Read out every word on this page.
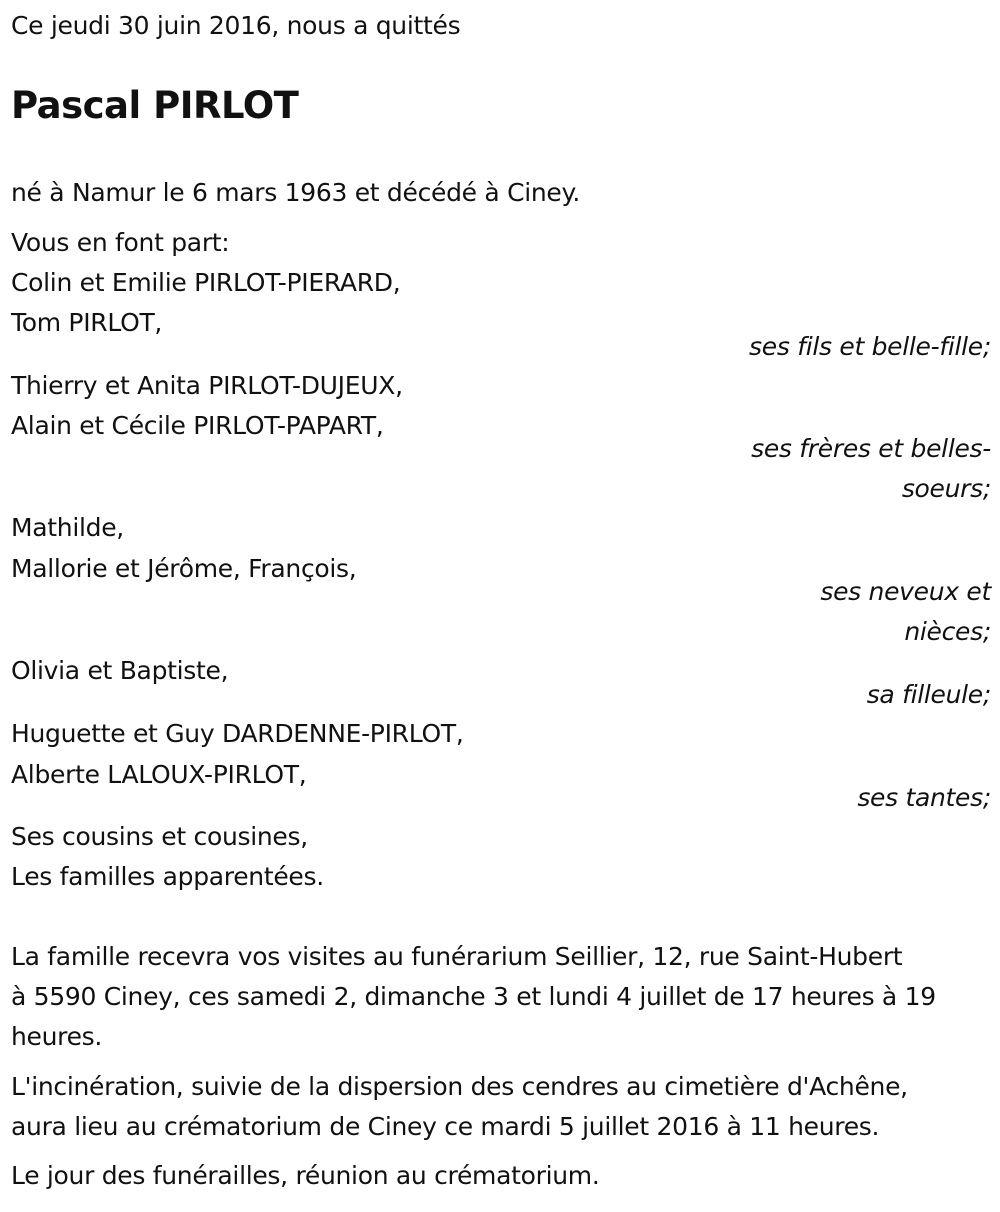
Ce jeudi 30 juin 2016, nous a quittés
Pascal PIRLOT
né à Namur le 6 mars 1963 et décédé à Ciney.
Vous en font part:
Colin et Emilie PIRLOT-PIERARD,
Tom PIRLOT,
ses fils et belle-fille;
Thierry et Anita PIRLOT-DUJEUX,
Alain et Cécile PIRLOT-PAPART,
ses frères et belles-
soeurs;
Mathilde,
Mallorie et Jérôme, François,
ses neveux et
nièces;
Olivia et Baptiste,
sa filleule;
Huguette et Guy DARDENNE-PIRLOT,
Alberte LALOUX-PIRLOT,
ses tantes;
Ses cousins et cousines,
Les familles apparentées.
La famille recevra vos visites au funérarium Seillier, 12, rue Saint-Hubert
à 5590 Ciney, ces samedi 2, dimanche 3 et lundi 4 juillet de 17 heures à 19
heures.
L'incinération, suivie de la dispersion des cendres au cimetière d'Achêne,
aura lieu au crématorium de Ciney ce mardi 5 juillet 2016 à 11 heures.
Le jour des funérailles, réunion au crématorium.
